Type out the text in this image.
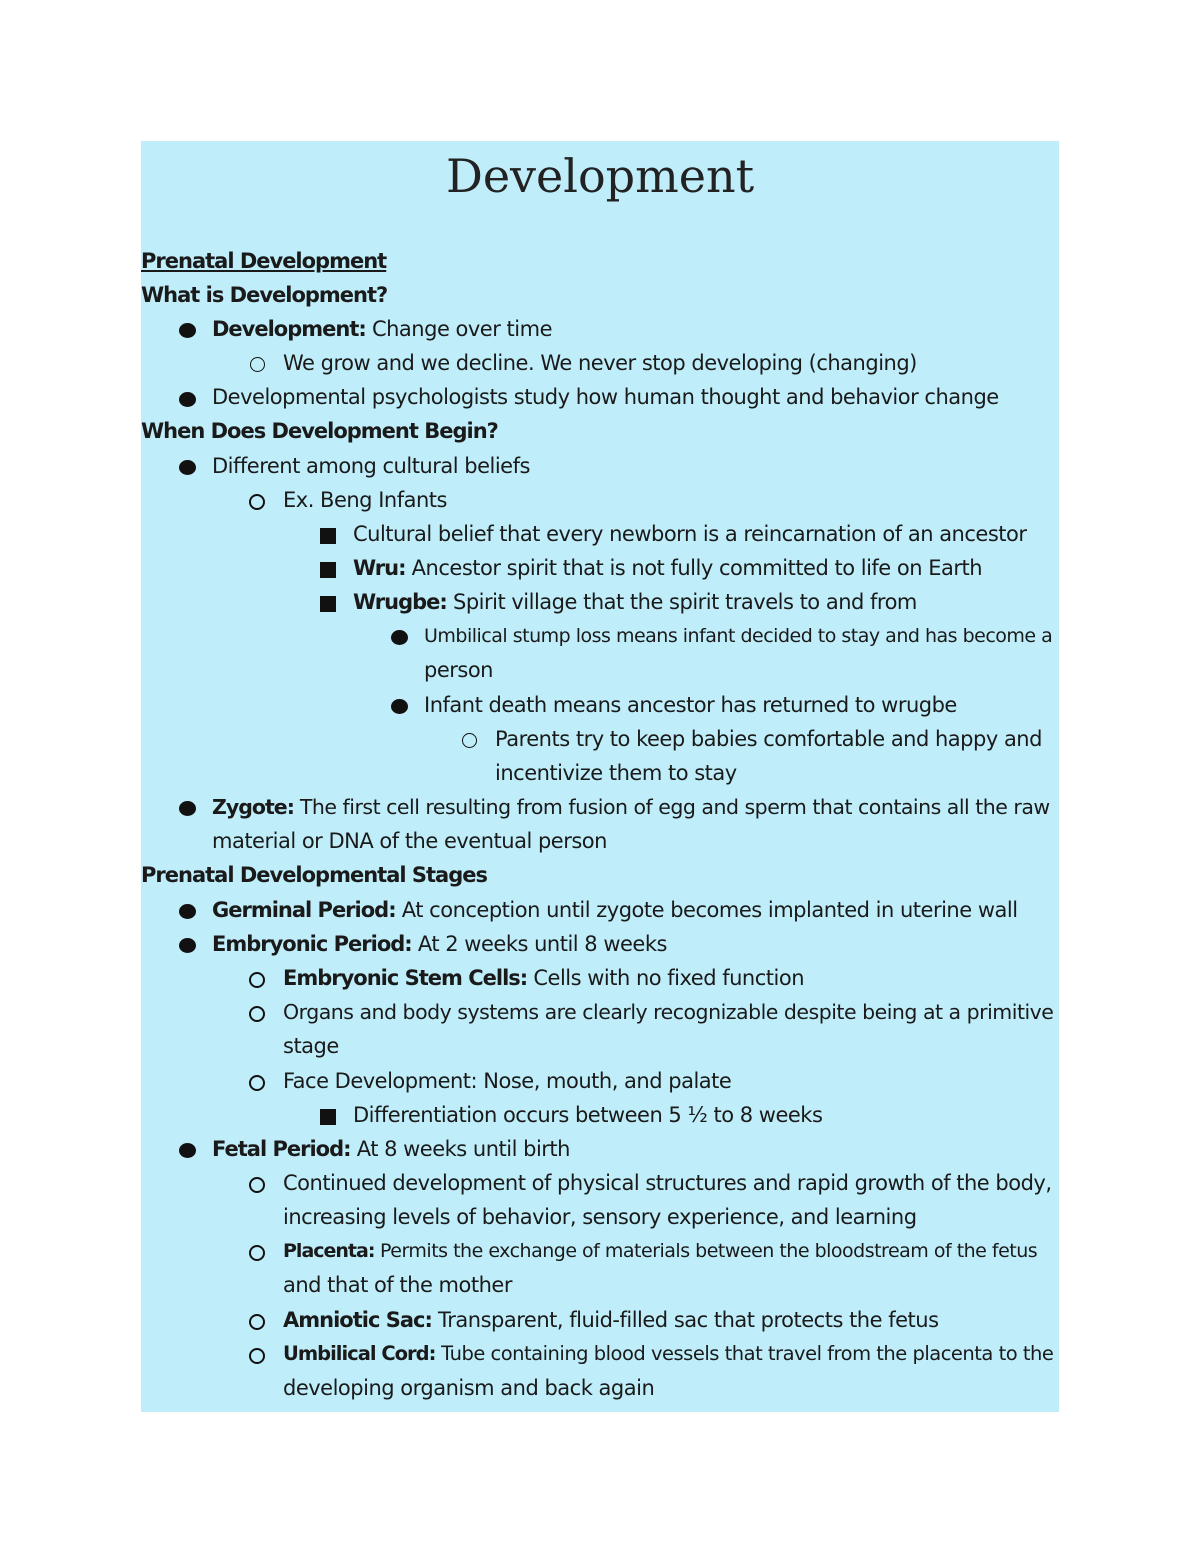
Development
Prenatal Development
What is Development?
Development: Change over time
We grow and we decline. We never stop developing (changing)
Developmental psychologists study how human thought and behavior change
When Does Development Begin?
Different among cultural beliefs
Ex. Beng Infants
Cultural belief that every newborn is a reincarnation of an ancestor
Wru: Ancestor spirit that is not fully committed to life on Earth
Wrugbe: Spirit village that the spirit travels to and from
Umbilical stump loss means infant decided to stay and has become a
person
Infant death means ancestor has returned to wrugbe
Parents try to keep babies comfortable and happy and
incentivize them to stay
Zygote: The first cell resulting from fusion of egg and sperm that contains all the raw
material or DNA of the eventual person
Prenatal Developmental Stages
Germinal Period: At conception until zygote becomes implanted in uterine wall
Embryonic Period: At 2 weeks until 8 weeks
Embryonic Stem Cells: Cells with no fixed function
Organs and body systems are clearly recognizable despite being at a primitive
stage
Face Development: Nose, mouth, and palate
Differentiation occurs between 5 ½ to 8 weeks
Fetal Period: At 8 weeks until birth
Continued development of physical structures and rapid growth of the body,
increasing levels of behavior, sensory experience, and learning
Placenta: Permits the exchange of materials between the bloodstream of the fetus
and that of the mother
Amniotic Sac: Transparent, fluid-filled sac that protects the fetus
Umbilical Cord: Tube containing blood vessels that travel from the placenta to the
developing organism and back again
